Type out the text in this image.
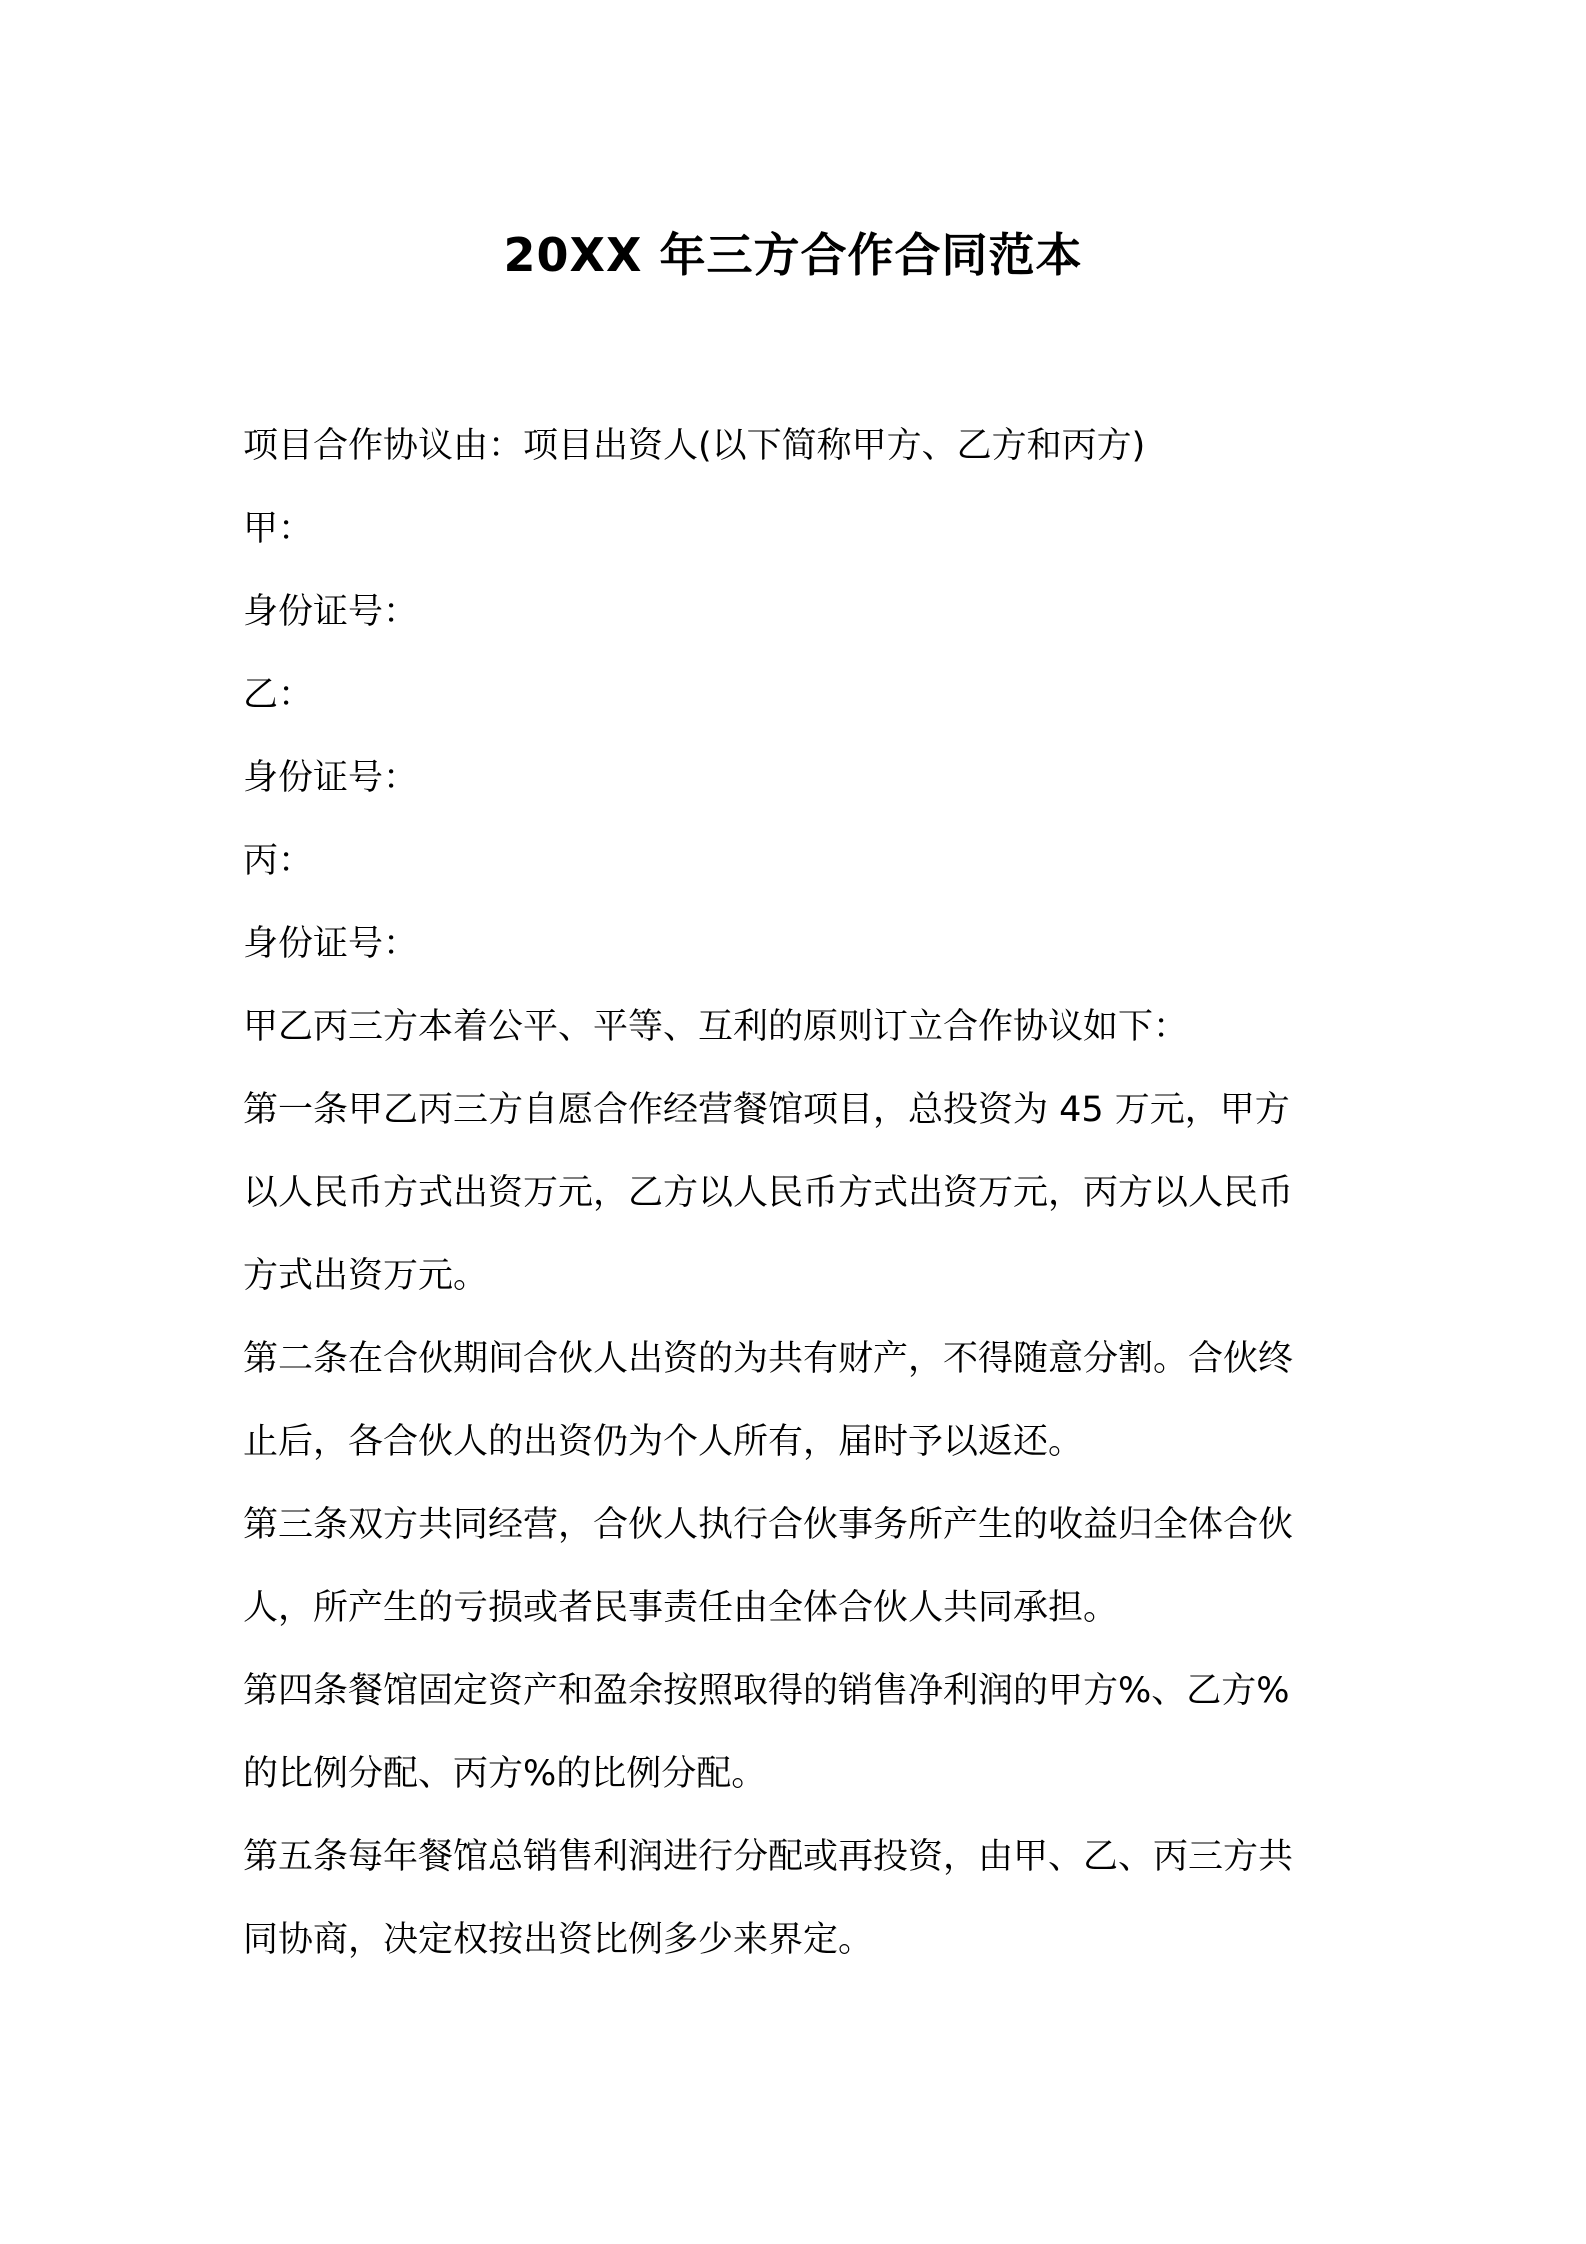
20XX 年三方合作合同范本

项目合作协议由：项目出资人(以下简称甲方、乙方和丙方)

甲：

身份证号：

乙：

身份证号：

丙：

身份证号：

甲乙丙三方本着公平、平等、互利的原则订立合作协议如下：

第一条甲乙丙三方自愿合作经营餐馆项目，总投资为 45 万元，甲方

以人民币方式出资万元，乙方以人民币方式出资万元，丙方以人民币

方式出资万元。

第二条在合伙期间合伙人出资的为共有财产，不得随意分割。合伙终

止后，各合伙人的出资仍为个人所有，届时予以返还。

第三条双方共同经营，合伙人执行合伙事务所产生的收益归全体合伙

人，所产生的亏损或者民事责任由全体合伙人共同承担。

第四条餐馆固定资产和盈余按照取得的销售净利润的甲方%、乙方%

的比例分配、丙方%的比例分配。

第五条每年餐馆总销售利润进行分配或再投资，由甲、乙、丙三方共

同协商，决定权按出资比例多少来界定。
